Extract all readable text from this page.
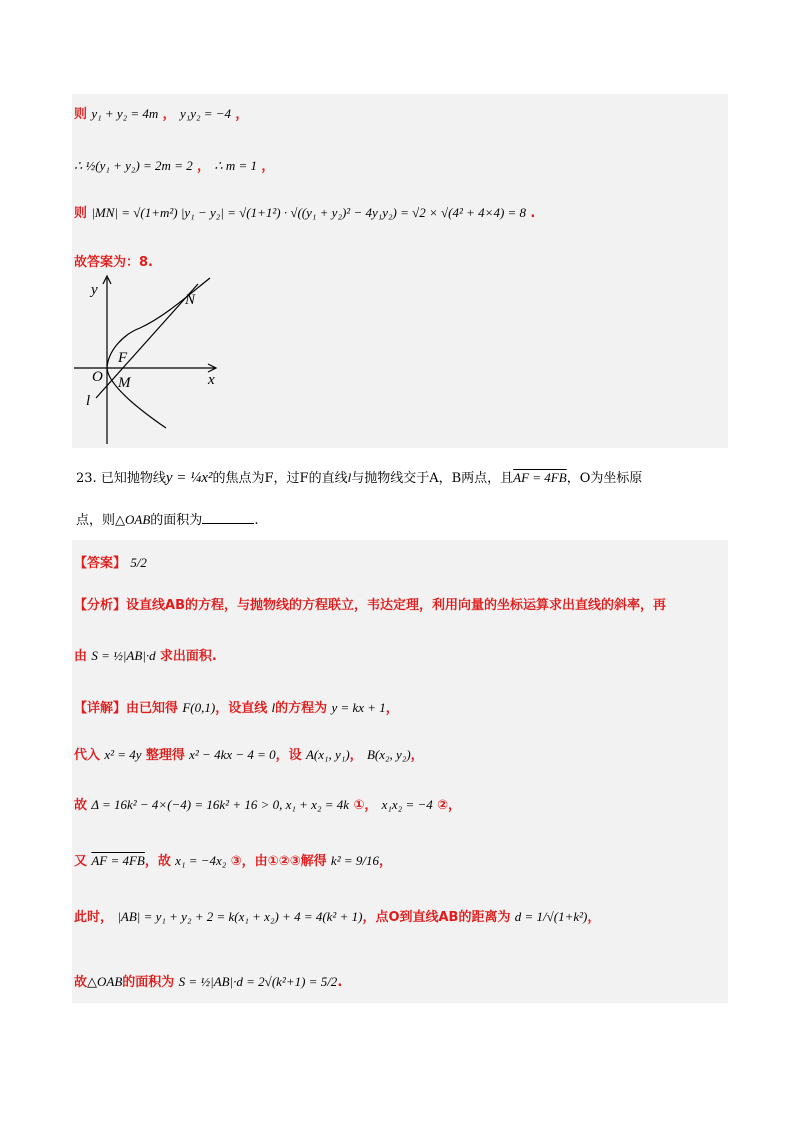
则 y₁ + y₂ = 4m ， y₁y₂ = −4 ，
∴ ½(y₁ + y₂) = 2m = 2 ， ∴ m = 1 ，
则 |MN| = √(1+m²) |y₁ − y₂| = √(1+1²) · √((y₁ + y₂)² − 4y₁y₂) = √2 × √(4² + 4×4) = 8 .
故答案为：8.
y
x
O
F
M
N
l
23. 已知抛物线y = ¼x²的焦点为F，过F的直线l与抛物线交于A，B两点，且AF = 4FB，O为坐标原
点，则△OAB的面积为	.
【答案】 5/2
【分析】设直线AB的方程，与抛物线的方程联立，韦达定理，利用向量的坐标运算求出直线的斜率，再
由 S = ½|AB|·d 求出面积.
【详解】由已知得 F(0,1)，设直线 l的方程为 y = kx + 1，
代入 x² = 4y 整理得 x² − 4kx − 4 = 0，设 A(x₁, y₁)， B(x₂, y₂)，
故 Δ = 16k² − 4×(−4) = 16k² + 16 > 0, x₁ + x₂ = 4k ①， x₁x₂ = −4 ②，
又 AF = 4FB，故 x₁ = −4x₂ ③，由①②③解得 k² = 9/16，
此时， |AB| = y₁ + y₂ + 2 = k(x₁ + x₂) + 4 = 4(k² + 1)，点O到直线AB的距离为 d = 1/√(1+k²)，
故△OAB的面积为 S = ½|AB|·d = 2√(k²+1) = 5/2.
